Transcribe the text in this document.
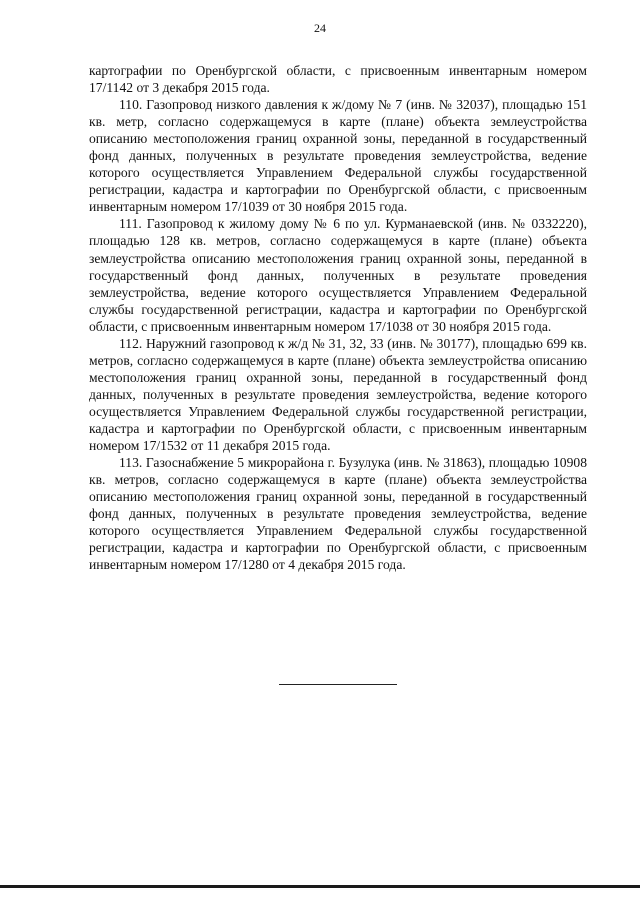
24

картографии по Оренбургской области, с присвоенным инвентарным номером 17/1142 от 3 декабря 2015 года.

110. Газопровод низкого давления к ж/дому № 7 (инв. № 32037), площадью 151 кв. метр, согласно содержащемуся в карте (плане) объекта землеустройства описанию местоположения границ охранной зоны, переданной в государственный фонд данных, полученных в результате проведения землеустройства, ведение которого осуществляется Управлением Федеральной службы государственной регистрации, кадастра и картографии по Оренбургской области, с присвоенным инвентарным номером 17/1039 от 30 ноября 2015 года.

111. Газопровод к жилому дому № 6 по ул. Курманаевской (инв. № 0332220), площадью 128 кв. метров, согласно содержащемуся в карте (плане) объекта землеустройства описанию местоположения границ охранной зоны, переданной в государственный фонд данных, полученных в результате проведения землеустройства, ведение которого осуществляется Управлением Федеральной службы государственной регистрации, кадастра и картографии по Оренбургской области, с присвоенным инвентарным номером 17/1038 от 30 ноября 2015 года.

112. Наружний газопровод к ж/д № 31, 32, 33 (инв. № 30177), площадью 699 кв. метров, согласно содержащемуся в карте (плане) объекта землеустройства описанию местоположения границ охранной зоны, переданной в государственный фонд данных, полученных в результате проведения землеустройства, ведение которого осуществляется Управлением Федеральной службы государственной регистрации, кадастра и картографии по Оренбургской области, с присвоенным инвентарным номером 17/1532 от 11 декабря 2015 года.

113. Газоснабжение 5 микрорайона г. Бузулука (инв. № 31863), площадью 10908 кв. метров, согласно содержащемуся в карте (плане) объекта землеустройства описанию местоположения границ охранной зоны, переданной в государственный фонд данных, полученных в результате проведения землеустройства, ведение которого осуществляется Управлением Федеральной службы государственной регистрации, кадастра и картографии по Оренбургской области, с присвоенным инвентарным номером 17/1280 от 4 декабря 2015 года.
